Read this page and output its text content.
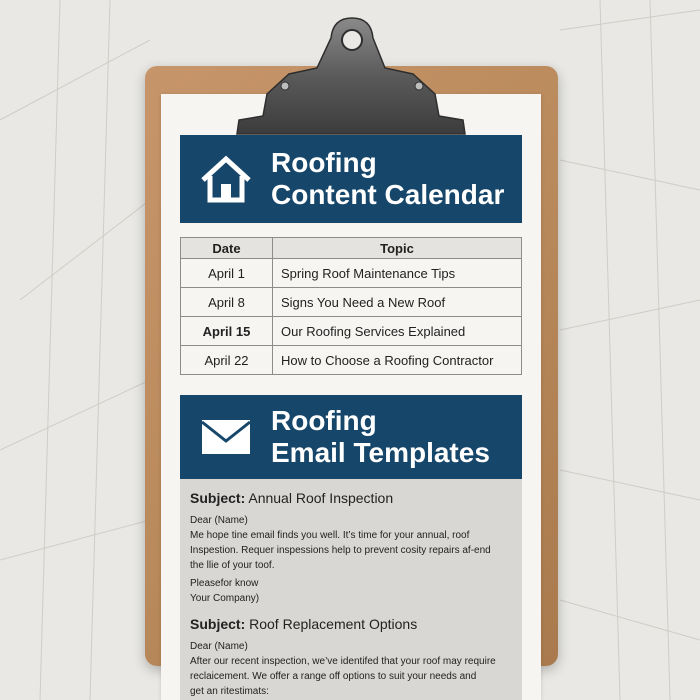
Roofing
Content Calendar
Date	Topic
April 1	Spring Roof Maintenance Tips
April 8	Signs You Need a New Roof
April 15	Our Roofing Services Explained
April 22	How to Choose a Roofing Contractor
Roofing
Email Templates
Subject: Annual Roof Inspection
Dear (Name)
Me hope tine email finds you well. It’s time for your annual, roof
Inspestion. Requer inspessions help to prevent cosity repairs af-end
the llie of your toof.
Pleasefor know
Your Company)
Subject: Roof Replacement Options
Dear (Name)
After our recent inspection, we’ve identifed that your roof may require
reclaicement. We offer a range off options to suit your needs and
get an ritestimats:
